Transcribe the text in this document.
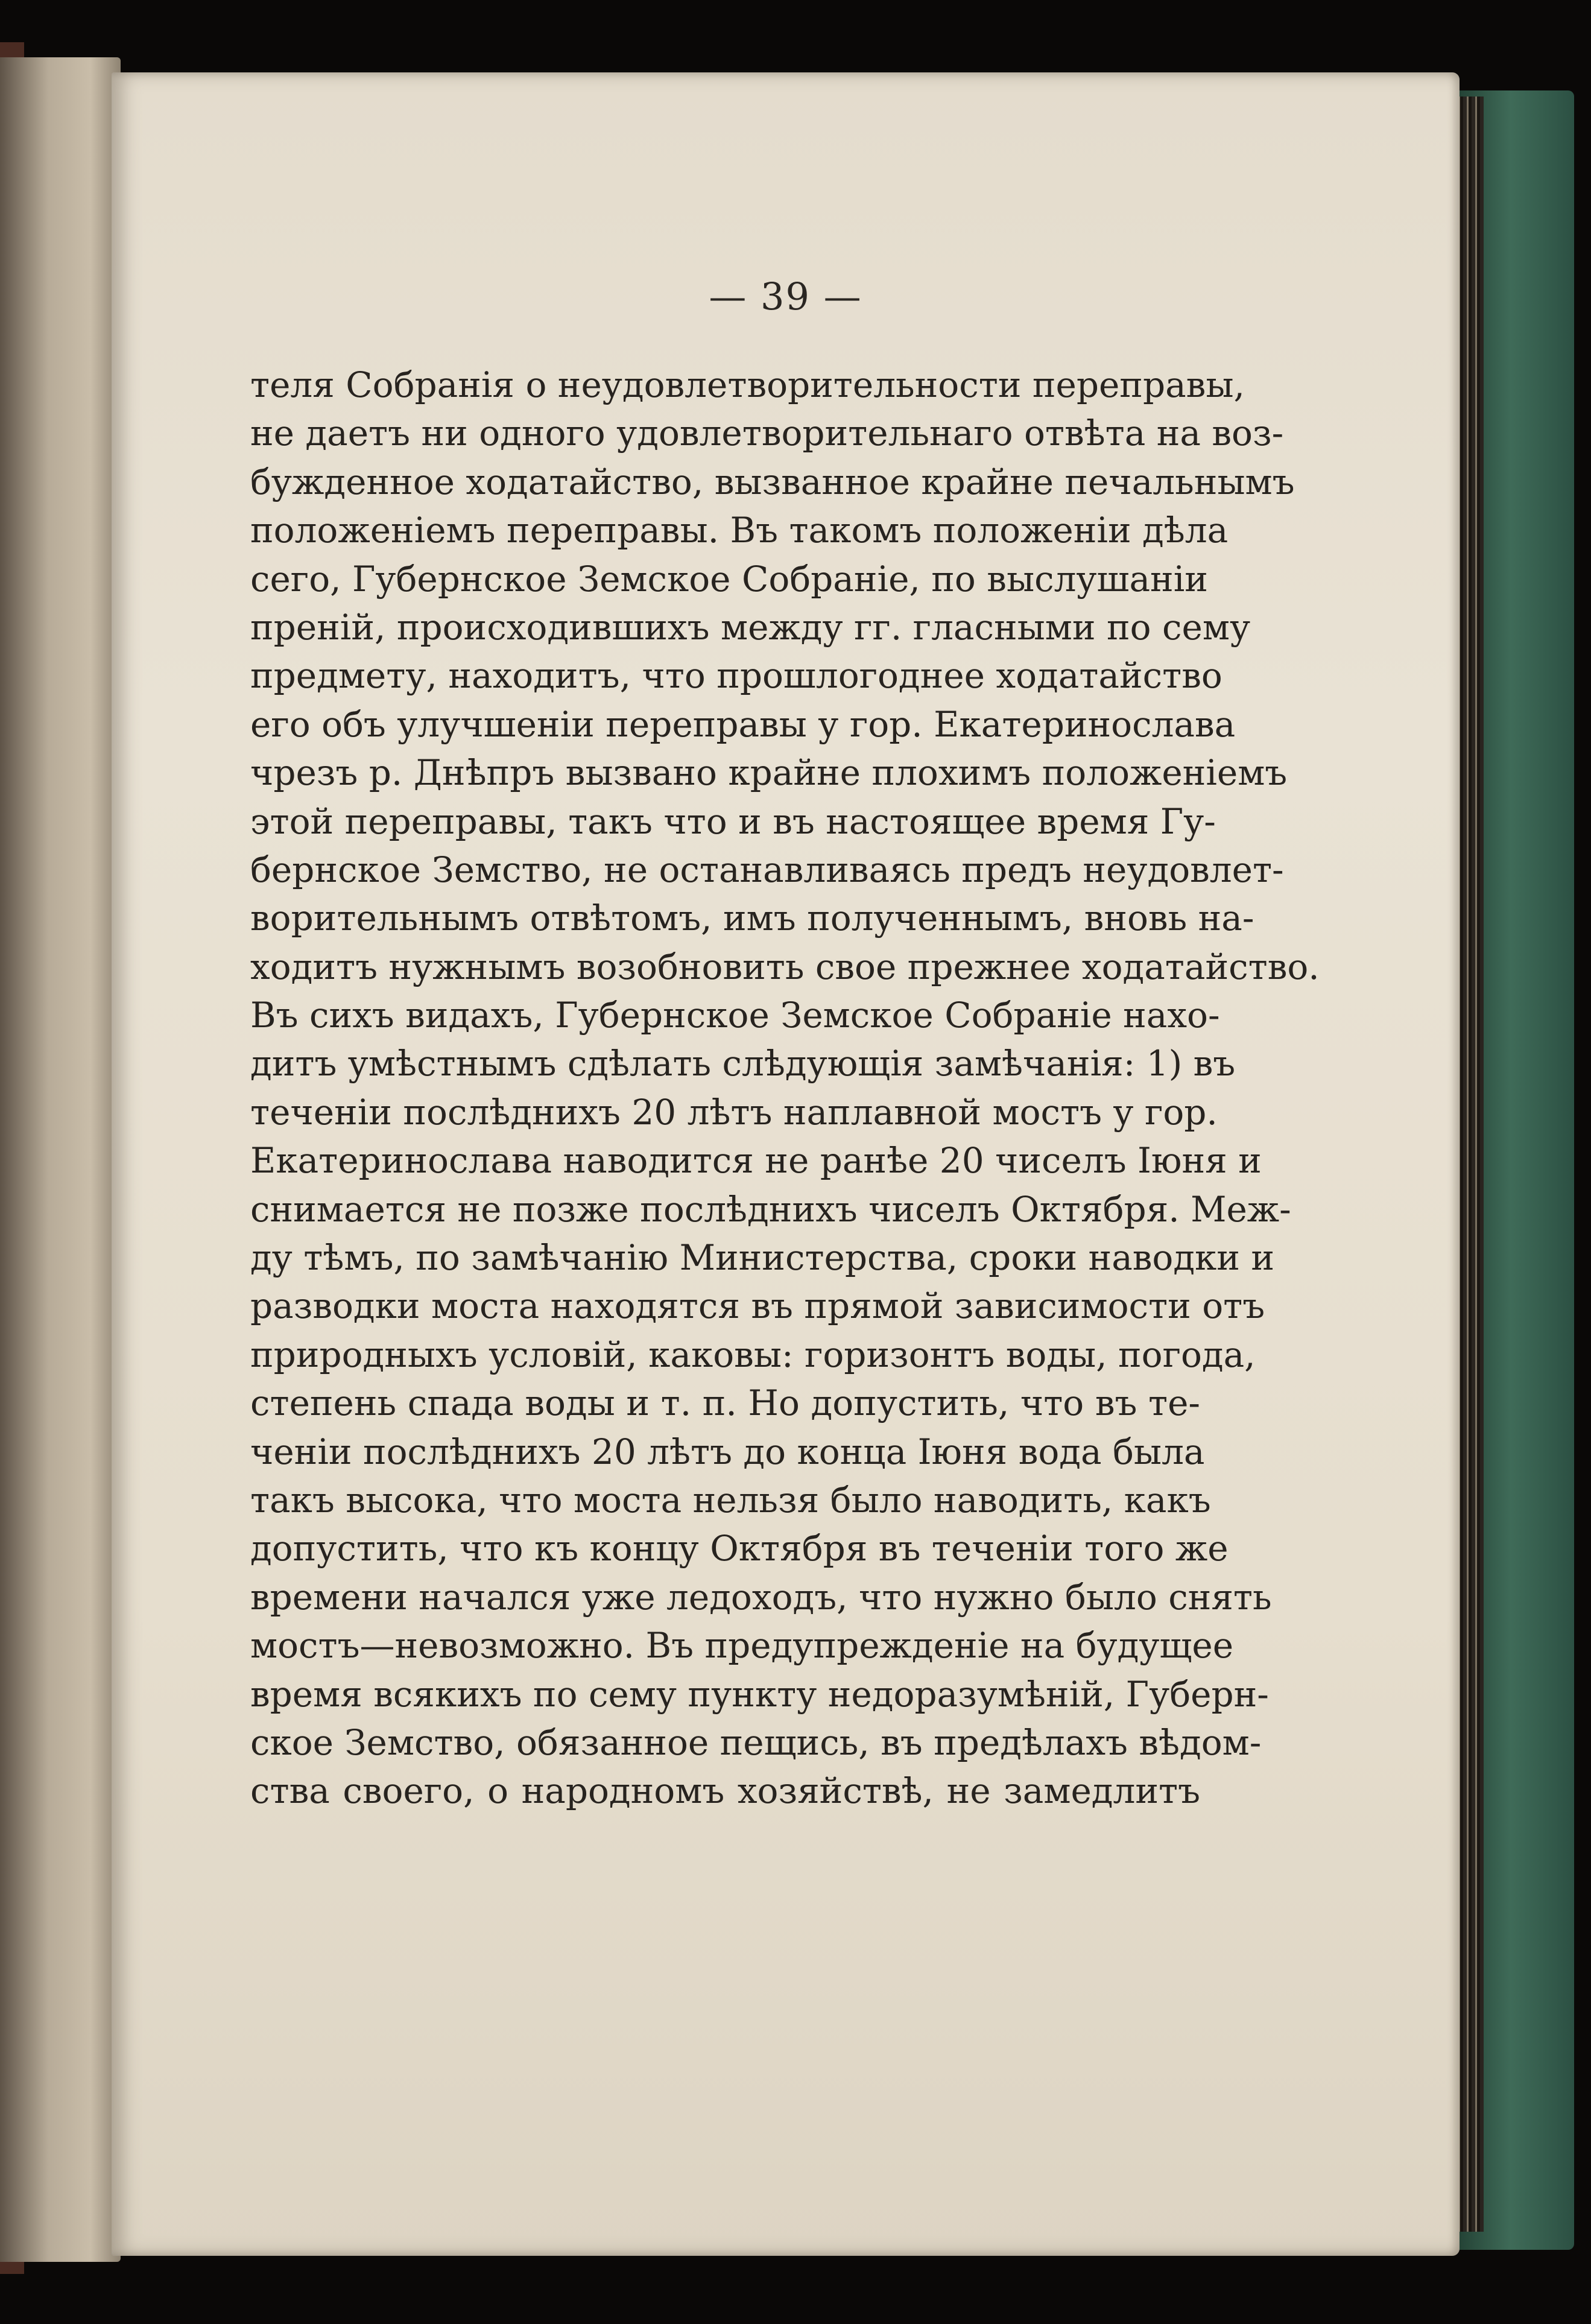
— 39 —
теля Собранія о неудовлетворительности переправы,
не даетъ ни одного удовлетворительнаго отвѣта на воз-
бужденное ходатайство, вызванное крайне печальнымъ
положеніемъ переправы. Въ такомъ положеніи дѣла
сего, Губернское Земское Собраніе, по выслушаніи
преній, происходившихъ между гг. гласными по сему
предмету, находитъ, что прошлогоднее ходатайство
его объ улучшеніи переправы у гор. Екатеринослава
чрезъ р. Днѣпръ вызвано крайне плохимъ положеніемъ
этой переправы, такъ что и въ настоящее время Гу-
бернское Земство, не останавливаясь предъ неудовлет-
ворительнымъ отвѣтомъ, имъ полученнымъ, вновь на-
ходитъ нужнымъ возобновить свое прежнее ходатайство.
Въ сихъ видахъ, Губернское Земское Собраніе нахо-
дитъ умѣстнымъ сдѣлать слѣдующія замѣчанія: 1) въ
теченіи послѣднихъ 20 лѣтъ наплавной мостъ у гор.
Екатеринослава наводится не ранѣе 20 чиселъ Іюня и
снимается не позже послѣднихъ чиселъ Октября. Меж-
ду тѣмъ, по замѣчанію Министерства, сроки наводки и
разводки моста находятся въ прямой зависимости отъ
природныхъ условій, каковы: горизонтъ воды, погода,
степень спада воды и т. п. Но допустить, что въ те-
ченіи послѣднихъ 20 лѣтъ до конца Іюня вода была
такъ высока, что моста нельзя было наводить, какъ
допустить, что къ концу Октября въ теченіи того же
времени начался уже ледоходъ, что нужно было снять
мостъ—невозможно. Въ предупрежденіе на будущее
время всякихъ по сему пункту недоразумѣній, Губерн-
ское Земство, обязанное пещись, въ предѣлахъ вѣдом-
ства своего, о народномъ хозяйствѣ, не замедлитъ
